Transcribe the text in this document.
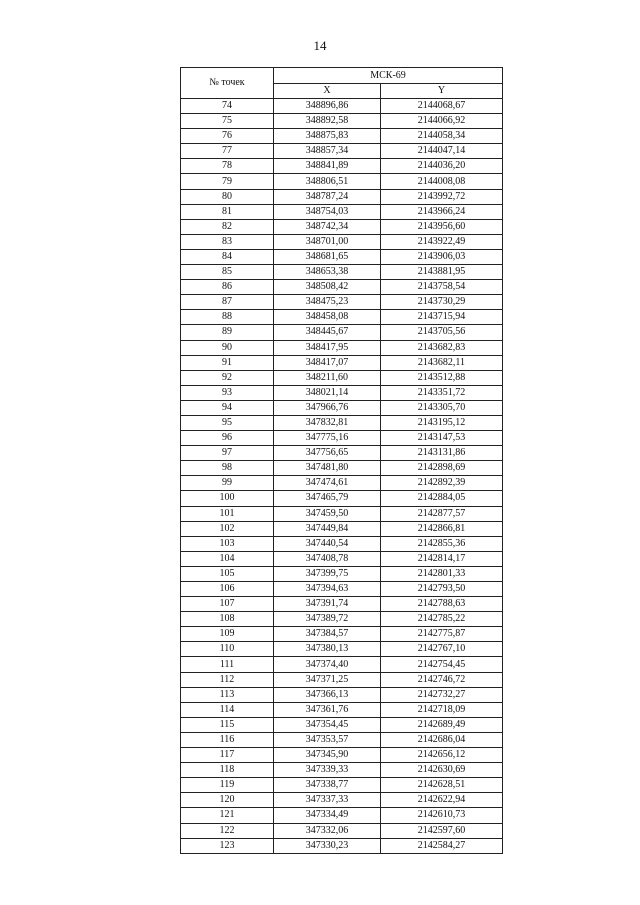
14
№ точек	МСК-69	
	X	Y
74	348896,86	2144068,67
75	348892,58	2144066,92
76	348875,83	2144058,34
77	348857,34	2144047,14
78	348841,89	2144036,20
79	348806,51	2144008,08
80	348787,24	2143992,72
81	348754,03	2143966,24
82	348742,34	2143956,60
83	348701,00	2143922,49
84	348681,65	2143906,03
85	348653,38	2143881,95
86	348508,42	2143758,54
87	348475,23	2143730,29
88	348458,08	2143715,94
89	348445,67	2143705,56
90	348417,95	2143682,83
91	348417,07	2143682,11
92	348211,60	2143512,88
93	348021,14	2143351,72
94	347966,76	2143305,70
95	347832,81	2143195,12
96	347775,16	2143147,53
97	347756,65	2143131,86
98	347481,80	2142898,69
99	347474,61	2142892,39
100	347465,79	2142884,05
101	347459,50	2142877,57
102	347449,84	2142866,81
103	347440,54	2142855,36
104	347408,78	2142814,17
105	347399,75	2142801,33
106	347394,63	2142793,50
107	347391,74	2142788,63
108	347389,72	2142785,22
109	347384,57	2142775,87
110	347380,13	2142767,10
111	347374,40	2142754,45
112	347371,25	2142746,72
113	347366,13	2142732,27
114	347361,76	2142718,09
115	347354,45	2142689,49
116	347353,57	2142686,04
117	347345,90	2142656,12
118	347339,33	2142630,69
119	347338,77	2142628,51
120	347337,33	2142622,94
121	347334,49	2142610,73
122	347332,06	2142597,60
123	347330,23	2142584,27
